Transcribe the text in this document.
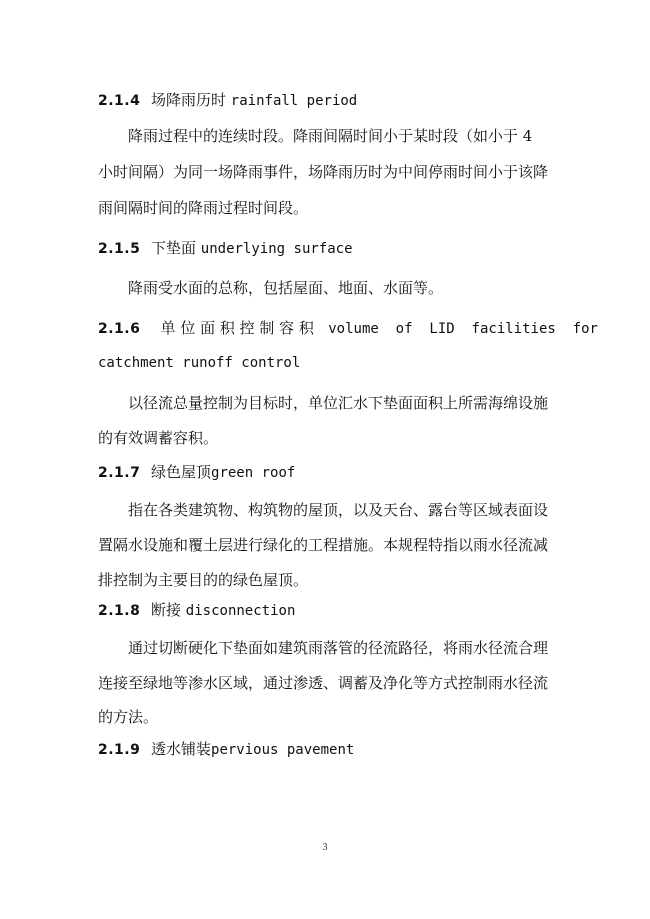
2.1.4 场降雨历时 rainfall period
降雨过程中的连续时段。降雨间隔时间小于某时段（如小于 4
小时间隔）为同一场降雨事件，场降雨历时为中间停雨时间小于该降
雨间隔时间的降雨过程时间段。
2.1.5 下垫面 underlying surface
降雨受水面的总称，包括屋面、地面、水面等。
2.1.6 单 位 面 积 控 制 容 积 volume  of  LID  facilities  for
catchment runoff control
以径流总量控制为目标时，单位汇水下垫面面积上所需海绵设施
的有效调蓄容积。
2.1.7 绿色屋顶green roof
指在各类建筑物、构筑物的屋顶，以及天台、露台等区域表面设
置隔水设施和覆土层进行绿化的工程措施。本规程特指以雨水径流减
排控制为主要目的的绿色屋顶。
2.1.8 断接 disconnection
通过切断硬化下垫面如建筑雨落管的径流路径，将雨水径流合理
连接至绿地等渗水区域，通过渗透、调蓄及净化等方式控制雨水径流
的方法。
2.1.9 透水铺装pervious pavement
3
